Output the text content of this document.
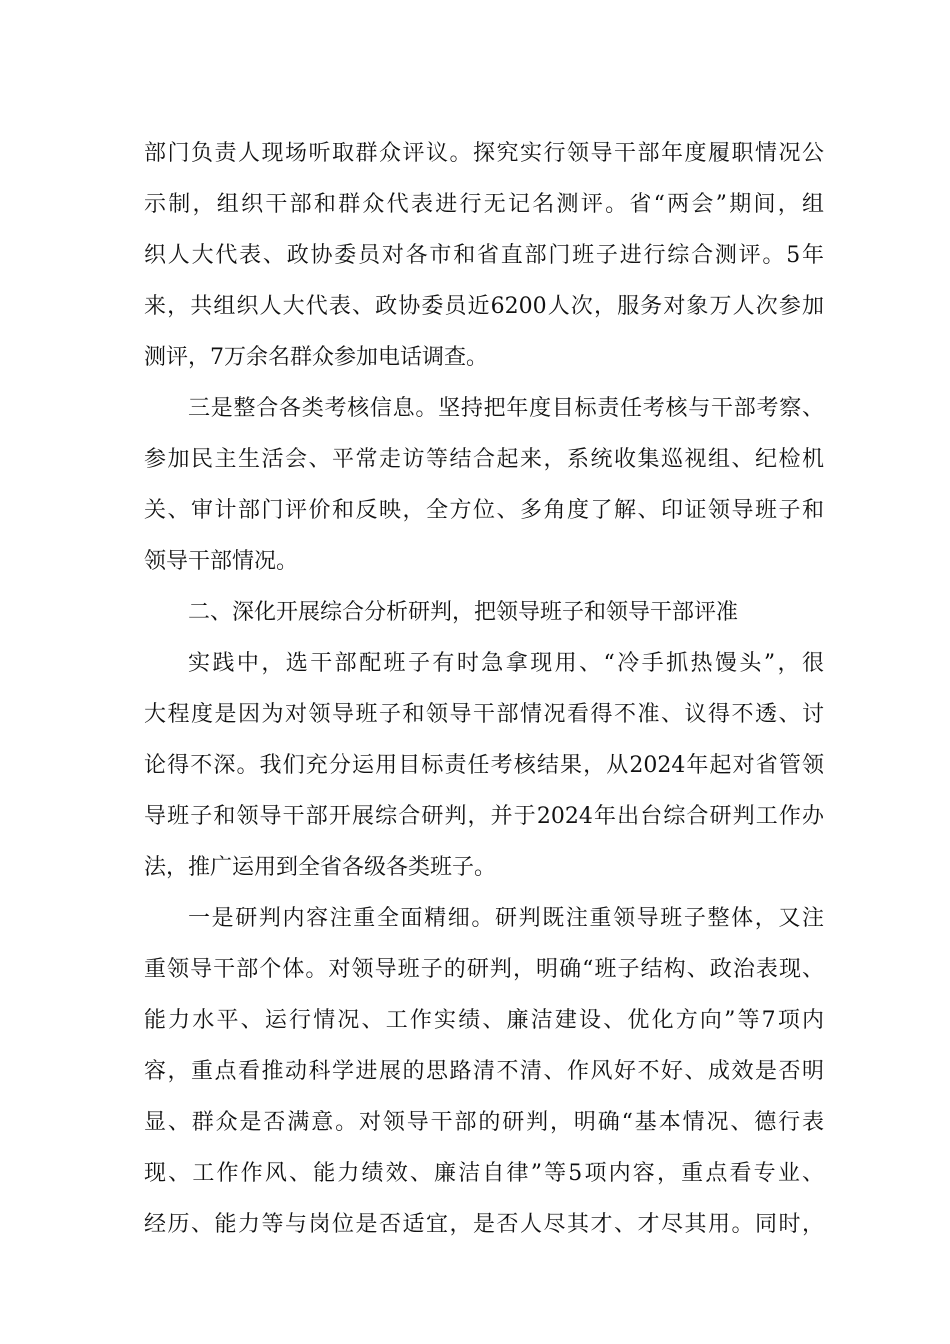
部门负责人现场听取群众评议。探究实行领导干部年度履职情况公
示制，组织干部和群众代表进行无记名测评。省“两会”期间，组
织人大代表、政协委员对各市和省直部门班子进行综合测评。5年
来，共组织人大代表、政协委员近6200人次，服务对象万人次参加
测评，7万余名群众参加电话调查。
三是整合各类考核信息。坚持把年度目标责任考核与干部考察、
参加民主生活会、平常走访等结合起来，系统收集巡视组、纪检机
关、审计部门评价和反映，全方位、多角度了解、印证领导班子和
领导干部情况。
二、深化开展综合分析研判，把领导班子和领导干部评准
实践中，选干部配班子有时急拿现用、“冷手抓热馒头”，很
大程度是因为对领导班子和领导干部情况看得不准、议得不透、讨
论得不深。我们充分运用目标责任考核结果，从2024年起对省管领
导班子和领导干部开展综合研判，并于2024年出台综合研判工作办
法，推广运用到全省各级各类班子。
一是研判内容注重全面精细。研判既注重领导班子整体，又注
重领导干部个体。对领导班子的研判，明确“班子结构、政治表现、
能力水平、运行情况、工作实绩、廉洁建设、优化方向”等7项内
容，重点看推动科学进展的思路清不清、作风好不好、成效是否明
显、群众是否满意。对领导干部的研判，明确“基本情况、德行表
现、工作作风、能力绩效、廉洁自律”等5项内容，重点看专业、
经历、能力等与岗位是否适宜，是否人尽其才、才尽其用。同时，
